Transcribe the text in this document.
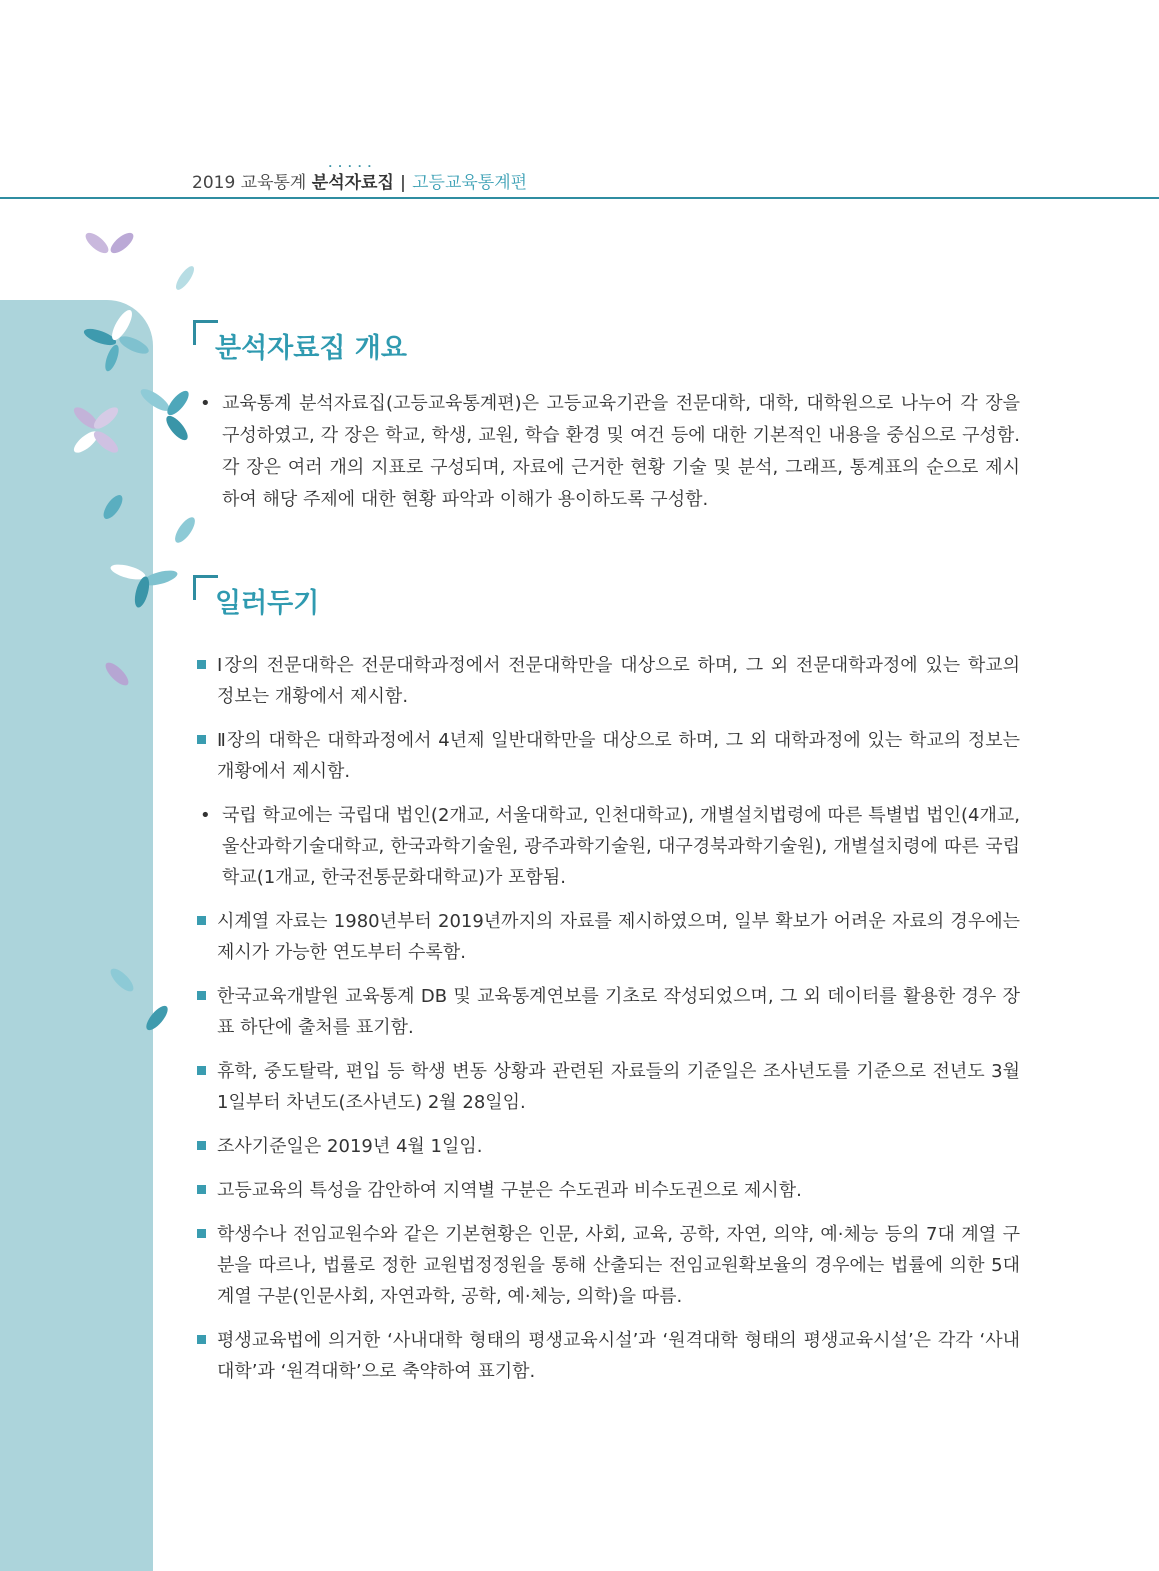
2019 교육통계
.....
분석자료집 | 고등교육통계편
분석자료집 개요
• 교육통계 분석자료집(고등교육통계편)은 고등교육기관을 전문대학, 대학, 대학원으로 나누어 각 장을 구성하였고, 각 장은 학교, 학생, 교원, 학습 환경 및 여건 등에 대한 기본적인 내용을 중심으로 구성함. 각 장은 여러 개의 지표로 구성되며, 자료에 근거한 현황 기술 및 분석, 그래프, 통계표의 순으로 제시하여 해당 주제에 대한 현황 파악과 이해가 용이하도록 구성함.
일러두기
Ⅰ장의 전문대학은 전문대학과정에서 전문대학만을 대상으로 하며, 그 외 전문대학과정에 있는 학교의 정보는 개황에서 제시함.
Ⅱ장의 대학은 대학과정에서 4년제 일반대학만을 대상으로 하며, 그 외 대학과정에 있는 학교의 정보는 개황에서 제시함.
• 국립 학교에는 국립대 법인(2개교, 서울대학교, 인천대학교), 개별설치법령에 따른 특별법 법인(4개교, 울산과학기술대학교, 한국과학기술원, 광주과학기술원, 대구경북과학기술원), 개별설치령에 따른 국립학교(1개교, 한국전통문화대학교)가 포함됨.
시계열 자료는 1980년부터 2019년까지의 자료를 제시하였으며, 일부 확보가 어려운 자료의 경우에는 제시가 가능한 연도부터 수록함.
한국교육개발원 교육통계 DB 및 교육통계연보를 기초로 작성되었으며, 그 외 데이터를 활용한 경우 장표 하단에 출처를 표기함.
휴학, 중도탈락, 편입 등 학생 변동 상황과 관련된 자료들의 기준일은 조사년도를 기준으로 전년도 3월 1일부터 차년도(조사년도) 2월 28일임.
조사기준일은 2019년 4월 1일임.
고등교육의 특성을 감안하여 지역별 구분은 수도권과 비수도권으로 제시함.
학생수나 전임교원수와 같은 기본현황은 인문, 사회, 교육, 공학, 자연, 의약, 예·체능 등의 7대 계열 구분을 따르나, 법률로 정한 교원법정정원을 통해 산출되는 전임교원확보율의 경우에는 법률에 의한 5대 계열 구분(인문사회, 자연과학, 공학, 예·체능, 의학)을 따름.
평생교육법에 의거한 ‘사내대학 형태의 평생교육시설’과 ‘원격대학 형태의 평생교육시설’은 각각 ‘사내대학’과 ‘원격대학’으로 축약하여 표기함.
